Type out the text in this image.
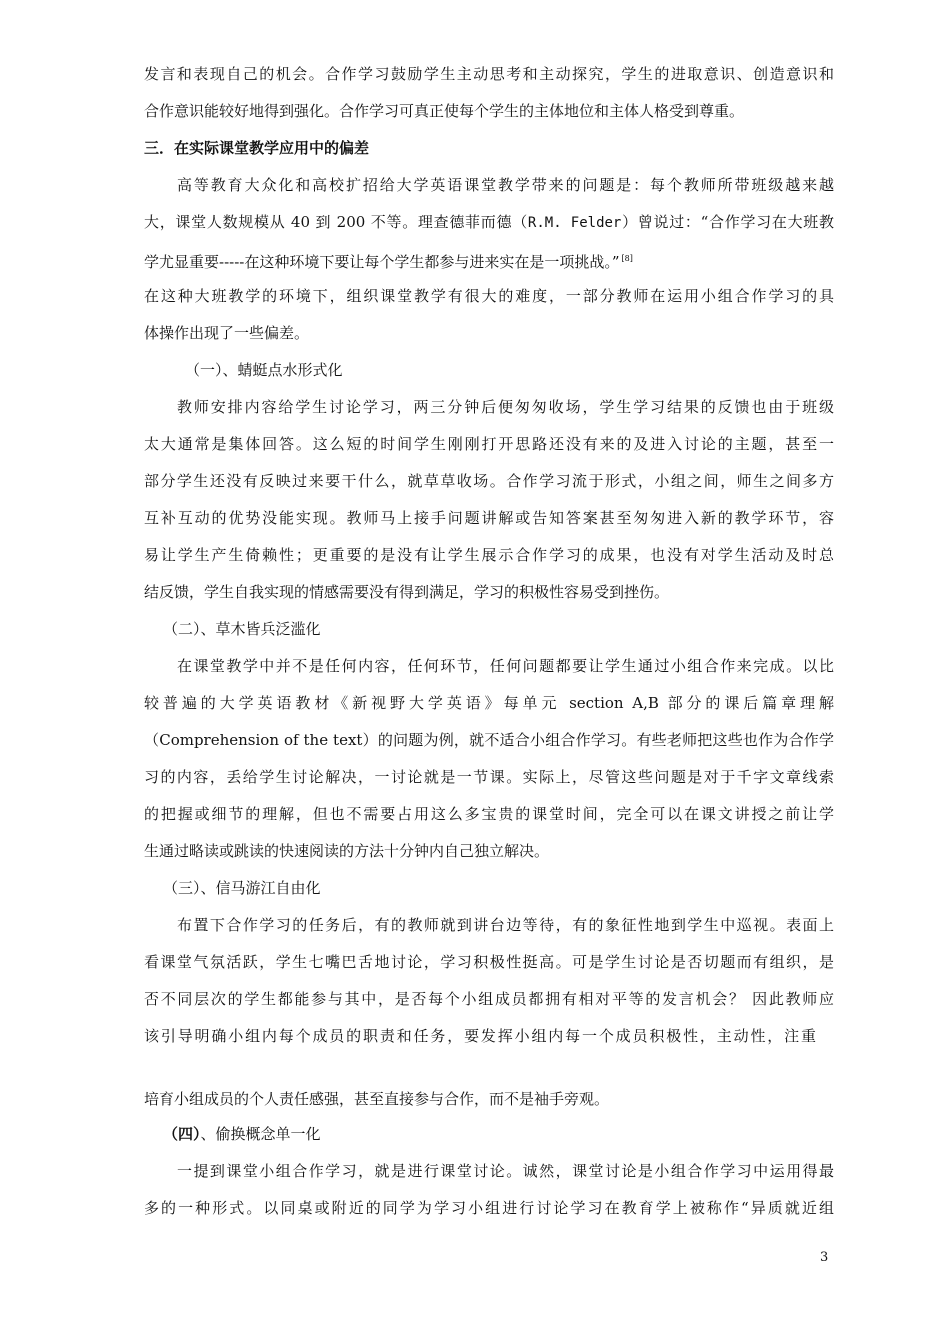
发言和表现自己的机会。合作学习鼓励学生主动思考和主动探究，学生的进取意识、创造意识和
合作意识能较好地得到强化。合作学习可真正使每个学生的主体地位和主体人格受到尊重。
三．在实际课堂教学应用中的偏差
高等教育大众化和高校扩招给大学英语课堂教学带来的问题是：每个教师所带班级越来越
大，课堂人数规模从 40 到 200 不等。理查德菲而德（R.M. Felder）曾说过：“合作学习在大班教
学尤显重要-----在这种环境下要让每个学生都参与进来实在是一项挑战。” [8]
在这种大班教学的环境下，组织课堂教学有很大的难度，一部分教师在运用小组合作学习的具
体操作出现了一些偏差。
（一）、蜻蜓点水形式化
教师安排内容给学生讨论学习，两三分钟后便匆匆收场，学生学习结果的反馈也由于班级
太大通常是集体回答。这么短的时间学生刚刚打开思路还没有来的及进入讨论的主题，甚至一
部分学生还没有反映过来要干什么，就草草收场。合作学习流于形式，小组之间，师生之间多方
互补互动的优势没能实现。教师马上接手问题讲解或告知答案甚至匆匆进入新的教学环节，容
易让学生产生倚赖性；更重要的是没有让学生展示合作学习的成果，也没有对学生活动及时总
结反馈，学生自我实现的情感需要没有得到满足，学习的积极性容易受到挫伤。
（二）、草木皆兵泛滥化
在课堂教学中并不是任何内容，任何环节，任何问题都要让学生通过小组合作来完成。以比
较普遍的大学英语教材《新视野大学英语》每单元 section A,B 部分的课后篇章理解
（Comprehension of the text）的问题为例，就不适合小组合作学习。有些老师把这些也作为合作学
习的内容，丢给学生讨论解决，一讨论就是一节课。实际上，尽管这些问题是对于千字文章线索
的把握或细节的理解，但也不需要占用这么多宝贵的课堂时间，完全可以在课文讲授之前让学
生通过略读或跳读的快速阅读的方法十分钟内自己独立解决。
（三）、信马游江自由化
布置下合作学习的任务后，有的教师就到讲台边等待，有的象征性地到学生中巡视。表面上
看课堂气氛活跃，学生七嘴巴舌地讨论，学习积极性挺高。可是学生讨论是否切题而有组织，是
否不同层次的学生都能参与其中，是否每个小组成员都拥有相对平等的发言机会？ 因此教师应
该引导明确小组内每个成员的职责和任务，要发挥小组内每一个成员积极性，主动性，注重
培育小组成员的个人责任感强，甚至直接参与合作，而不是袖手旁观。
（四）、偷换概念单一化
一提到课堂小组合作学习，就是进行课堂讨论。诚然，课堂讨论是小组合作学习中运用得最
多的一种形式。以同桌或附近的同学为学习小组进行讨论学习在教育学上被称作“异质就近组
3
